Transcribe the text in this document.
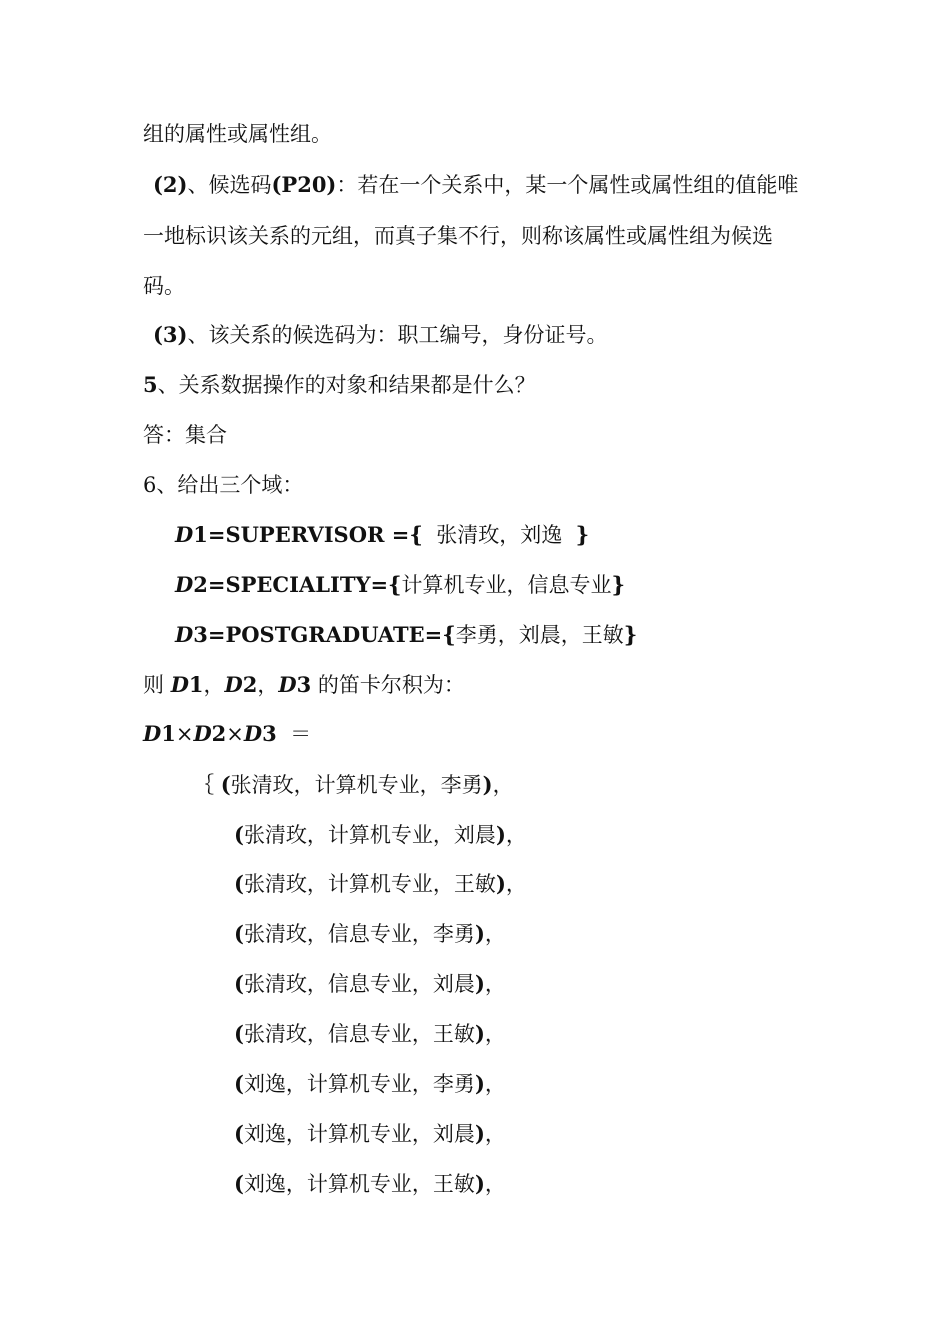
组的属性或属性组。
(2)、候选码(P20)：若在一个关系中，某一个属性或属性组的值能唯
一地标识该关系的元组，而真子集不行，则称该属性或属性组为候选
码。
(3)、该关系的候选码为：职工编号，身份证号。
5、关系数据操作的对象和结果都是什么？
答：集合
6、给出三个域：
D1=SUPERVISOR ={ 张清玫，刘逸 }
D2=SPECIALITY={计算机专业，信息专业}
D3=POSTGRADUATE={李勇，刘晨，王敏}
则 D1，D2，D3 的笛卡尔积为：
D1×D2×D3  ＝
｛ (张清玫，计算机专业，李勇)，
(张清玫，计算机专业，刘晨)，
(张清玫，计算机专业，王敏)，
(张清玫，信息专业，李勇)，
(张清玫，信息专业，刘晨)，
(张清玫，信息专业，王敏)，
(刘逸，计算机专业，李勇)，
(刘逸，计算机专业，刘晨)，
(刘逸，计算机专业，王敏)，
